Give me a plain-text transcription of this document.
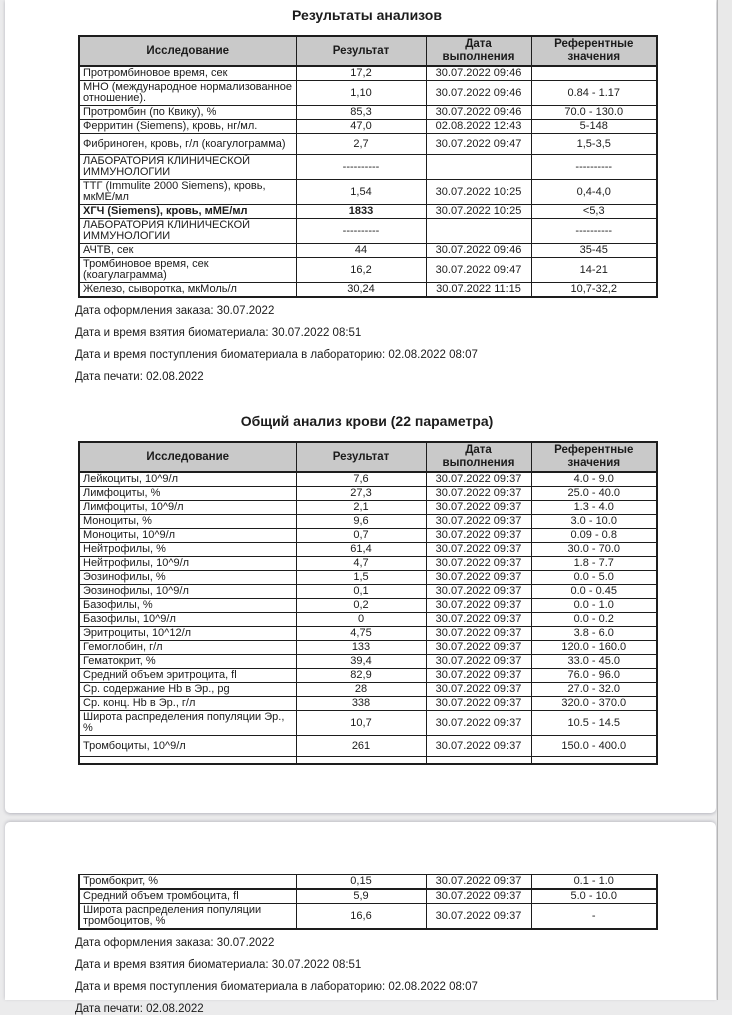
Результаты анализов
Исследование	Результат	Дата выполнения	Референтные значения
Протромбиновое время, сек	17,2	30.07.2022 09:46	
МНО (международное нормализованное отношение).	1,10	30.07.2022 09:46	0.84 - 1.17
Протромбин (по Квику), %	85,3	30.07.2022 09:46	70.0 - 130.0
Ферритин (Siemens), кровь, нг/мл.	47,0	02.08.2022 12:43	5-148
Фибриноген, кровь, г/л (коагулограмма)	2,7	30.07.2022 09:47	1,5-3,5
ЛАБОРАТОРИЯ КЛИНИЧЕСКОЙ ИММУНОЛОГИИ	----------		----------
ТТГ (Immulite 2000 Siemens), кровь, мкМЕ/мл	1,54	30.07.2022 10:25	0,4-4,0
ХГЧ (Siemens), кровь, мМЕ/мл	1833	30.07.2022 10:25	<5,3
ЛАБОРАТОРИЯ КЛИНИЧЕСКОЙ ИММУНОЛОГИИ	----------		----------
АЧТВ, сек	44	30.07.2022 09:46	35-45
Тромбиновое время, сек (коагулаграмма)	16,2	30.07.2022 09:47	14-21
Железо, сыворотка, мкМоль/л	30,24	30.07.2022 11:15	10,7-32,2
Дата оформления заказа: 30.07.2022
Дата и время взятия биоматериала: 30.07.2022 08:51
Дата и время поступления биоматериала в лабораторию: 02.08.2022 08:07
Дата печати: 02.08.2022
Общий анализ крови (22 параметра)
Исследование	Результат	Дата выполнения	Референтные значения
Лейкоциты, 10^9/л	7,6	30.07.2022 09:37	4.0 - 9.0
Лимфоциты, %	27,3	30.07.2022 09:37	25.0 - 40.0
Лимфоциты, 10^9/л	2,1	30.07.2022 09:37	1.3 - 4.0
Моноциты, %	9,6	30.07.2022 09:37	3.0 - 10.0
Моноциты, 10^9/л	0,7	30.07.2022 09:37	0.09 - 0.8
Нейтрофилы, %	61,4	30.07.2022 09:37	30.0 - 70.0
Нейтрофилы, 10^9/л	4,7	30.07.2022 09:37	1.8 - 7.7
Эозинофилы, %	1,5	30.07.2022 09:37	0.0 - 5.0
Эозинофилы, 10^9/л	0,1	30.07.2022 09:37	0.0 - 0.45
Базофилы, %	0,2	30.07.2022 09:37	0.0 - 1.0
Базофилы, 10^9/л	0	30.07.2022 09:37	0.0 - 0.2
Эритроциты, 10^12/л	4,75	30.07.2022 09:37	3.8 - 6.0
Гемоглобин, г/л	133	30.07.2022 09:37	120.0 - 160.0
Гематокрит, %	39,4	30.07.2022 09:37	33.0 - 45.0
Средний объем эритроцита, fl	82,9	30.07.2022 09:37	76.0 - 96.0
Ср. содержание Hb в Эр., pg	28	30.07.2022 09:37	27.0 - 32.0
Ср. конц. Hb в Эр., г/л	338	30.07.2022 09:37	320.0 - 370.0
Широта распределения популяции Эр., %	10,7	30.07.2022 09:37	10.5 - 14.5
Тромбоциты, 10^9/л	261	30.07.2022 09:37	150.0 - 400.0

Тромбокрит, %	0,15	30.07.2022 09:37	0.1 - 1.0
Средний объем тромбоцита, fl	5,9	30.07.2022 09:37	5.0 - 10.0
Широта распределения популяции тромбоцитов, %	16,6	30.07.2022 09:37	-
Дата оформления заказа: 30.07.2022
Дата и время взятия биоматериала: 30.07.2022 08:51
Дата и время поступления биоматериала в лабораторию: 02.08.2022 08:07
Дата печати: 02.08.2022
